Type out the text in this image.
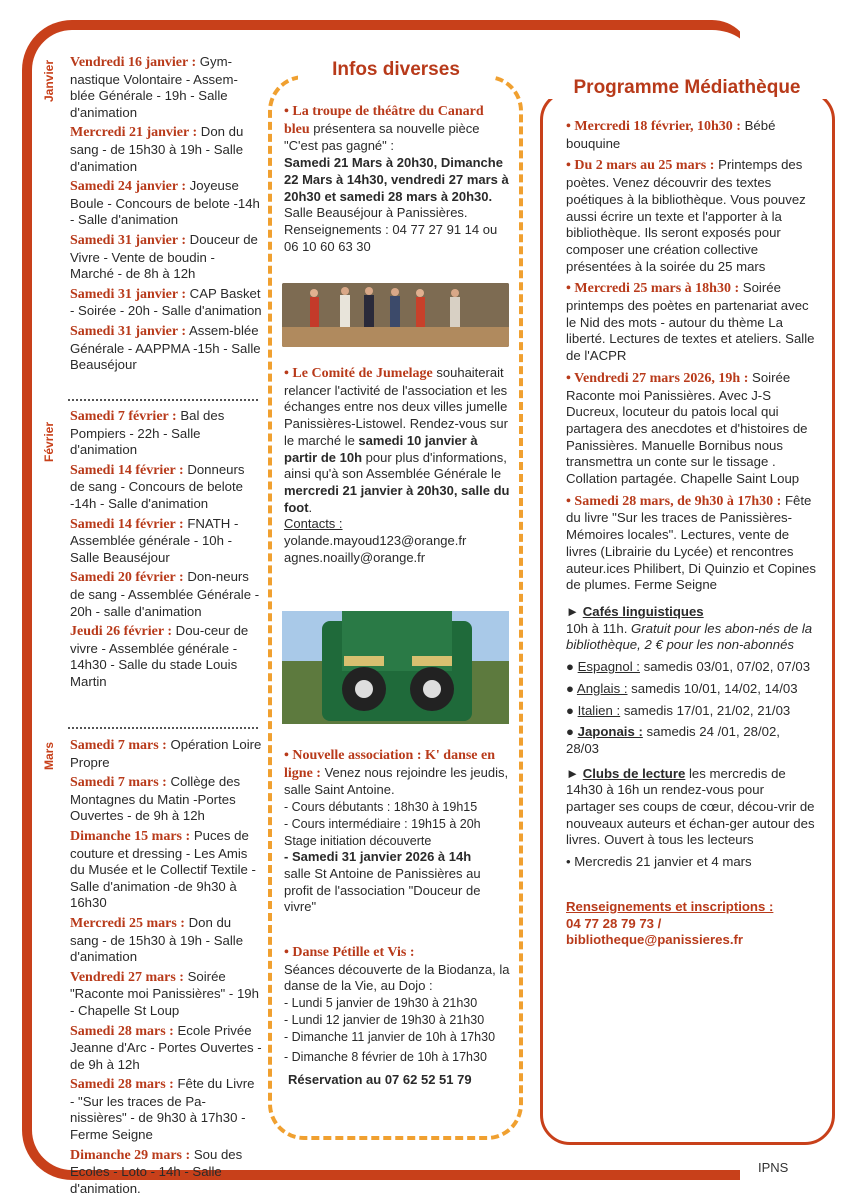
Janvier
Février
Mars

Vendredi 16 janvier : Gym-nastique Volontaire - Assem-blée Générale - 19h - Salle d'animation

Mercredi 21 janvier : Don du sang - de 15h30 à 19h - Salle d'animation

Samedi 24 janvier : Joyeuse Boule - Concours de belote -14h - Salle d'animation

Samedi 31 janvier : Douceur de Vivre - Vente de boudin - Marché - de 8h à 12h

Samedi 31 janvier : CAP Basket - Soirée - 20h - Salle d'animation

Samedi 31 janvier : Assem-blée Générale - AAPPMA -15h - Salle Beauséjour

Samedi 7 février : Bal des Pompiers - 22h - Salle d'animation

Samedi 14 février : Donneurs de sang - Concours de belote -14h - Salle d'animation

Samedi 14 février : FNATH - Assemblée générale - 10h - Salle Beauséjour

Samedi 20 février : Don-neurs de sang - Assemblée Générale - 20h - salle d'animation

Jeudi 26 février : Dou-ceur de vivre - Assemblée générale - 14h30 - Salle du stade Louis Martin

Samedi 7 mars : Opération Loire Propre

Samedi 7 mars : Collège des Montagnes du Matin -Portes Ouvertes - de 9h à 12h

Dimanche 15 mars : Puces de couture et dressing - Les Amis du Musée et le Collectif Textile - Salle d'animation -de 9h30 à 16h30

Mercredi 25 mars : Don du sang - de 15h30 à 19h - Salle d'animation

Vendredi 27 mars : Soirée "Raconte moi Panissières" - 19h - Chapelle St Loup

Samedi 28 mars : Ecole Privée Jeanne d'Arc - Portes Ouvertes - de 9h à 12h

Samedi 28 mars : Fête du Livre - "Sur les traces de Pa-nissières" - de 9h30 à 17h30 - Ferme Seigne

Dimanche 29 mars : Sou des Ecoles - Loto - 14h - Salle d'animation.

Infos diverses

• La troupe de théâtre du Canard bleu présentera sa nouvelle pièce "C'est pas gagné" :
Samedi 21 Mars à 20h30, Dimanche 22 Mars à 14h30, vendredi 27 mars à 20h30 et samedi 28 mars à 20h30. Salle Beauséjour à Panissières. Renseignements : 04 77 27 91 14 ou 06 10 60 63 30

• Le Comité de Jumelage souhaiterait relancer l'activité de l'association et les échanges entre nos deux villes jumelle Panissières-Listowel. Rendez-vous sur le marché le samedi 10 janvier à partir de 10h pour plus d'informations, ainsi qu'à son Assemblée Générale le mercredi 21 janvier à 20h30, salle du foot.
Contacts :
yolande.mayoud123@orange.fr
agnes.noailly@orange.fr

• Nouvelle association : K' danse en ligne : Venez nous rejoindre les jeudis, salle Saint Antoine.

- Cours débutants : 18h30 à 19h15

- Cours intermédiaire : 19h15 à 20h

Stage initiation découverte

- Samedi 31 janvier 2026 à 14h

salle St Antoine de Panissières au profit de l'association "Douceur de vivre"

• Danse Pétille et Vis :

Séances découverte de la Biodanza, la danse de la Vie, au Dojo :

- Lundi 5 janvier de 19h30 à 21h30

- Lundi 12 janvier de 19h30 à 21h30

- Dimanche 11 janvier de 10h à 17h30

- Dimanche 8 février de 10h à 17h30

Réservation au 07 62 52 51 79

Programme Médiathèque

• Mercredi 18 février, 10h30 : Bébé bouquine

• Du 2 mars au 25 mars : Printemps des poètes. Venez découvrir des textes poétiques à la bibliothèque. Vous pouvez aussi écrire un texte et l'apporter à la bibliothèque. Ils seront exposés pour composer une création collective présentées à la soirée du 25 mars

• Mercredi 25 mars à 18h30 : Soirée printemps des poètes en partenariat avec le Nid des mots - autour du thème La liberté. Lectures de textes et ateliers. Salle de l'ACPR

• Vendredi 27 mars 2026, 19h : Soirée Raconte moi Panissières. Avec J-S Ducreux, locuteur du patois local qui partagera des anecdotes et d'histoires de Panissières. Manuelle Bornibus nous transmettra un conte sur le tissage . Collation partagée. Chapelle Saint Loup

• Samedi 28 mars, de 9h30 à 17h30 : Fête du livre "Sur les traces de Panissières- Mémoires locales". Lectures, vente de livres (Librairie du Lycée) et rencontres auteur.ices Philibert, Di Quinzio et Copines de plumes. Ferme Seigne

► Cafés linguistiques

10h à 11h. Gratuit pour les abon-nés de la bibliothèque, 2 € pour les non-abonnés

● Espagnol : samedis 03/01, 07/02, 07/03

● Anglais : samedis 10/01, 14/02, 14/03

● Italien : samedis 17/01, 21/02, 21/03

● Japonais : samedis 24 /01, 28/02, 28/03

► Clubs de lecture les mercredis de 14h30 à 16h un rendez-vous pour partager ses coups de cœur, décou-vrir de nouveaux auteurs et échan-ger autour des livres. Ouvert à tous les lecteurs

• Mercredis 21 janvier et 4 mars

Renseignements et inscriptions :
04 77 28 79 73 /
bibliotheque@panissieres.fr

IPNS
